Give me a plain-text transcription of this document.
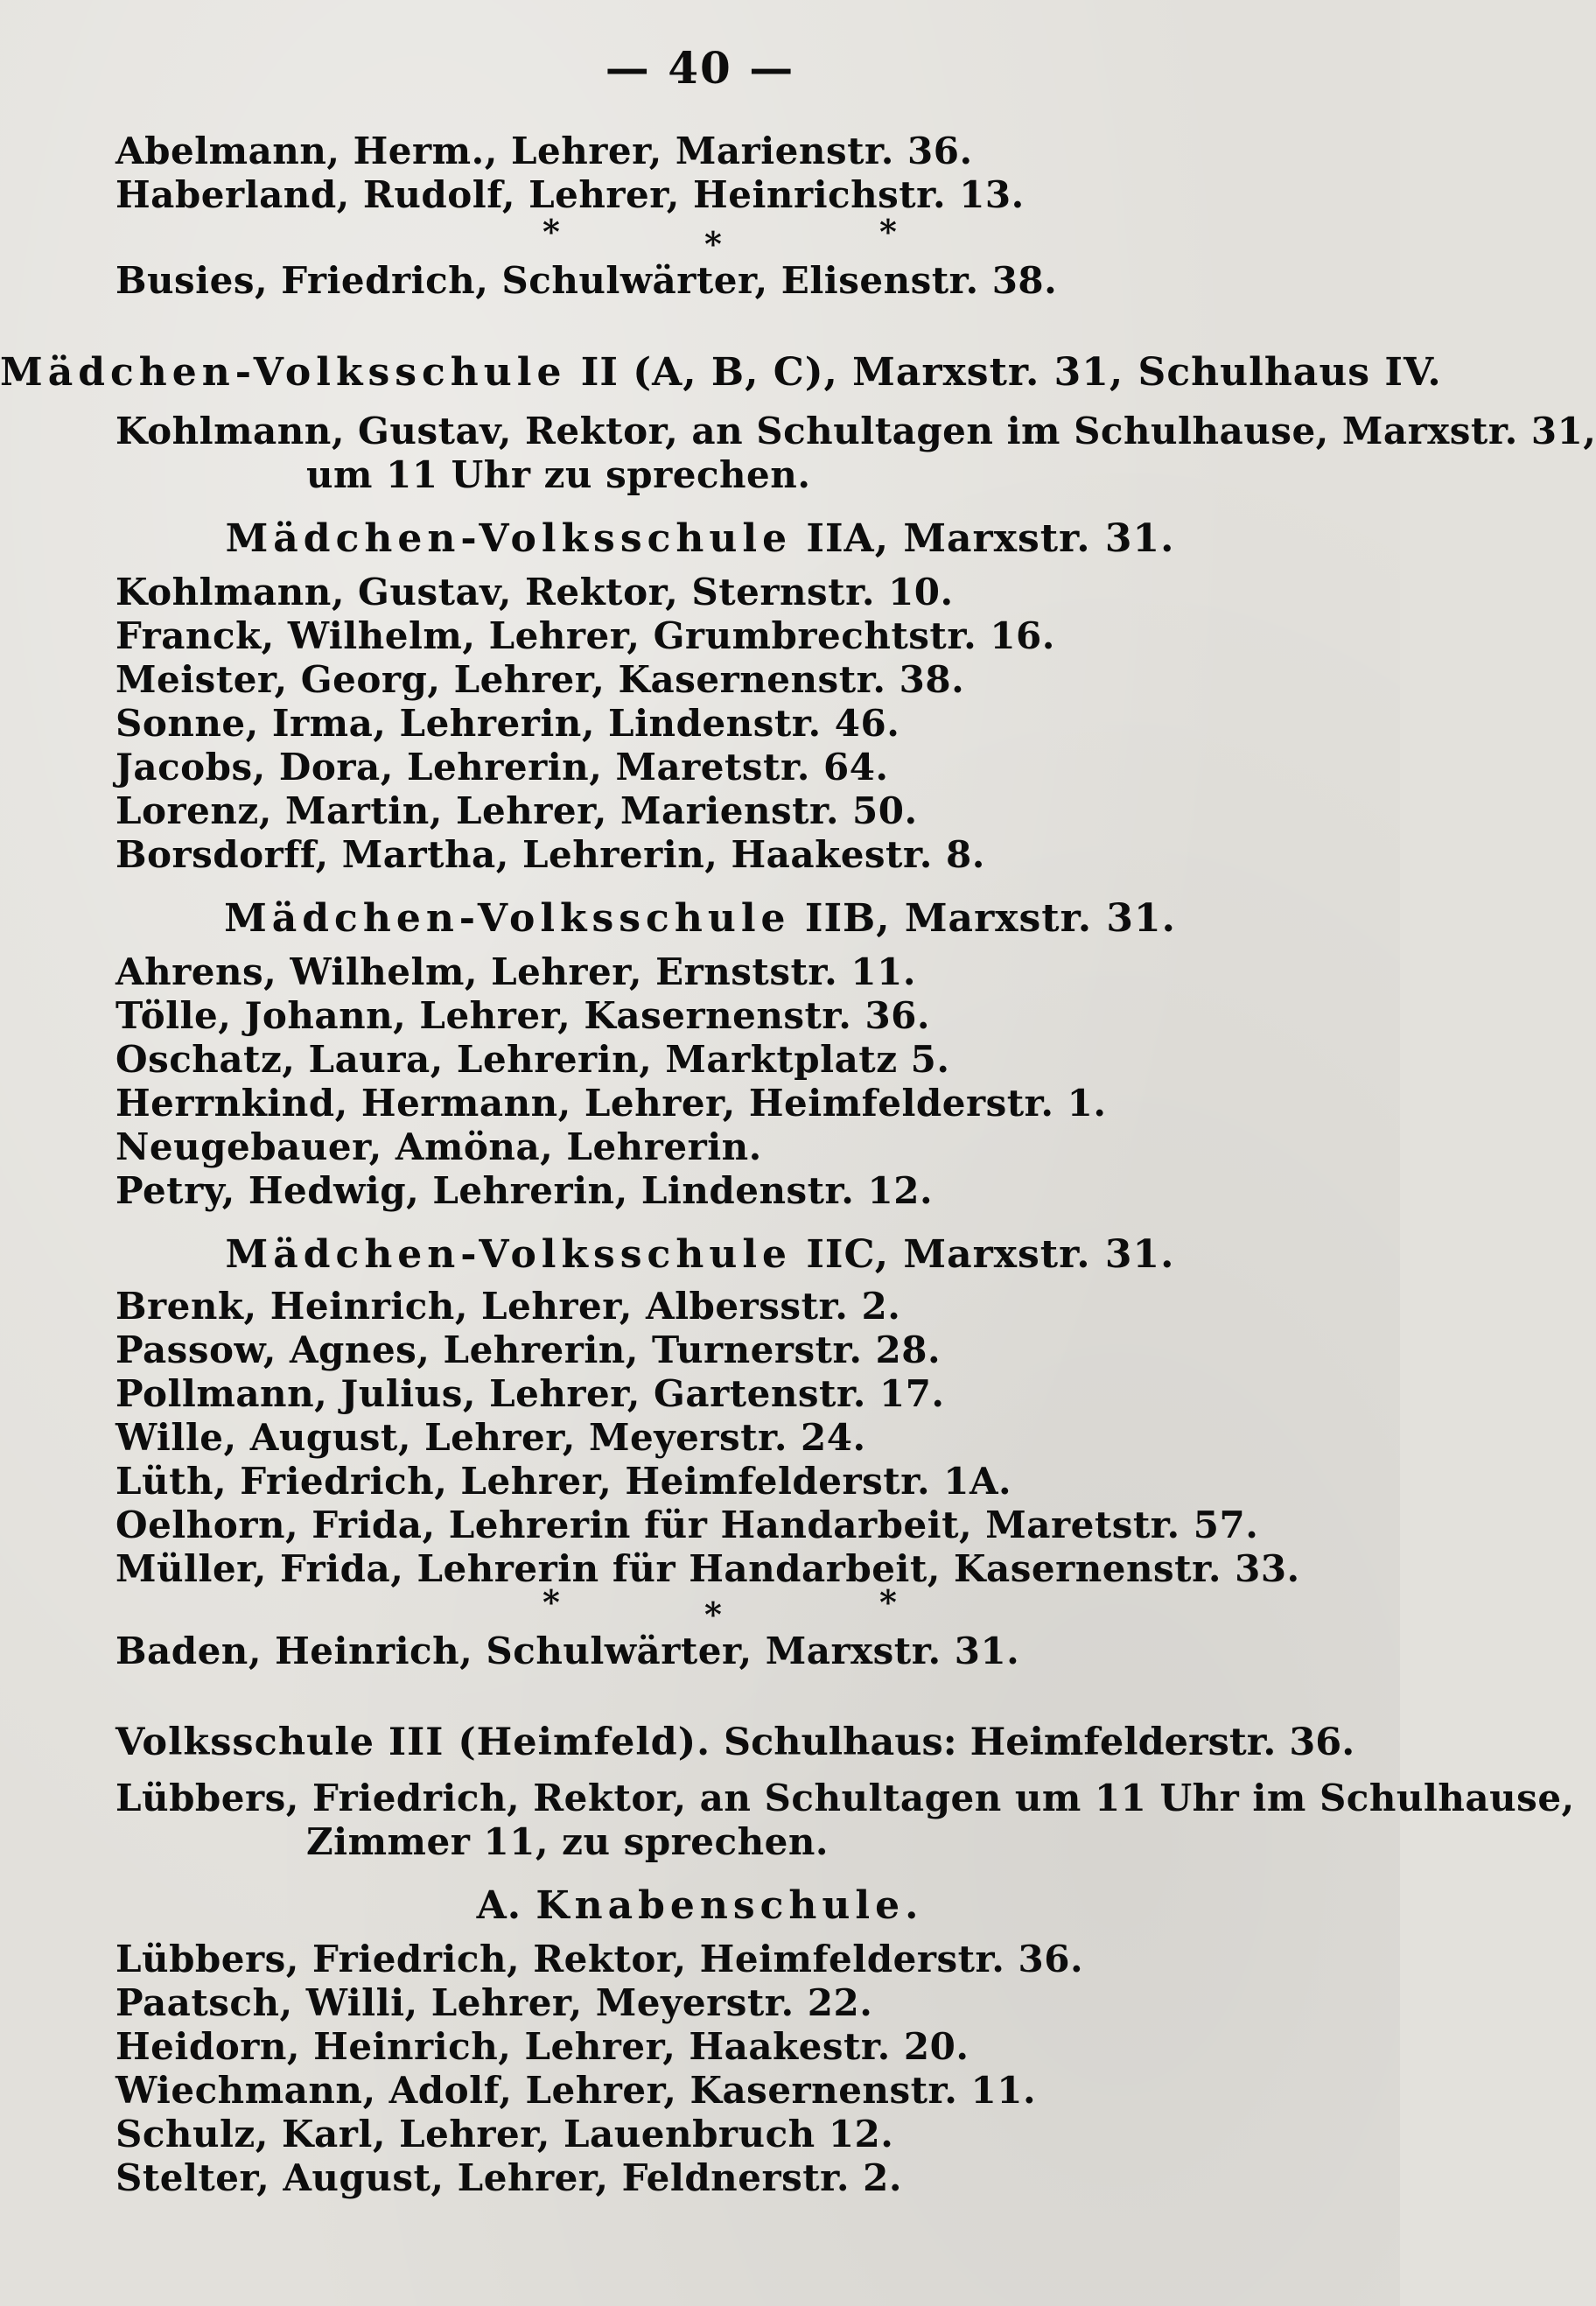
— 40 —
Abelmann, Herm., Lehrer, Marienstr. 36.
Haberland, Rudolf, Lehrer, Heinrichstr. 13.
*	*	*
Busies, Friedrich, Schulwärter, Elisenstr. 38.
Mädchen-Volksschule II (A, B, C), Marxstr. 31, Schulhaus IV.
Kohlmann, Gustav, Rektor, an Schultagen im Schulhause, Marxstr. 31,
um 11 Uhr zu sprechen.
Mädchen-Volksschule IIA, Marxstr. 31.
Kohlmann, Gustav, Rektor, Sternstr. 10.
Franck, Wilhelm, Lehrer, Grumbrechtstr. 16.
Meister, Georg, Lehrer, Kasernenstr. 38.
Sonne, Irma, Lehrerin, Lindenstr. 46.
Jacobs, Dora, Lehrerin, Maretstr. 64.
Lorenz, Martin, Lehrer, Marienstr. 50.
Borsdorff, Martha, Lehrerin, Haakestr. 8.
Mädchen-Volksschule IIB, Marxstr. 31.
Ahrens, Wilhelm, Lehrer, Ernststr. 11.
Tölle, Johann, Lehrer, Kasernenstr. 36.
Oschatz, Laura, Lehrerin, Marktplatz 5.
Herrnkind, Hermann, Lehrer, Heimfelderstr. 1.
Neugebauer, Amöna, Lehrerin.
Petry, Hedwig, Lehrerin, Lindenstr. 12.
Mädchen-Volksschule IIC, Marxstr. 31.
Brenk, Heinrich, Lehrer, Albersstr. 2.
Passow, Agnes, Lehrerin, Turnerstr. 28.
Pollmann, Julius, Lehrer, Gartenstr. 17.
Wille, August, Lehrer, Meyerstr. 24.
Lüth, Friedrich, Lehrer, Heimfelderstr. 1A.
Oelhorn, Frida, Lehrerin für Handarbeit, Maretstr. 57.
Müller, Frida, Lehrerin für Handarbeit, Kasernenstr. 33.
*	*	*
Baden, Heinrich, Schulwärter, Marxstr. 31.
Volksschule III (Heimfeld). Schulhaus: Heimfelderstr. 36.
Lübbers, Friedrich, Rektor, an Schultagen um 11 Uhr im Schulhause,
Zimmer 11, zu sprechen.
A. Knabenschule.
Lübbers, Friedrich, Rektor, Heimfelderstr. 36.
Paatsch, Willi, Lehrer, Meyerstr. 22.
Heidorn, Heinrich, Lehrer, Haakestr. 20.
Wiechmann, Adolf, Lehrer, Kasernenstr. 11.
Schulz, Karl, Lehrer, Lauenbruch 12.
Stelter, August, Lehrer, Feldnerstr. 2.
